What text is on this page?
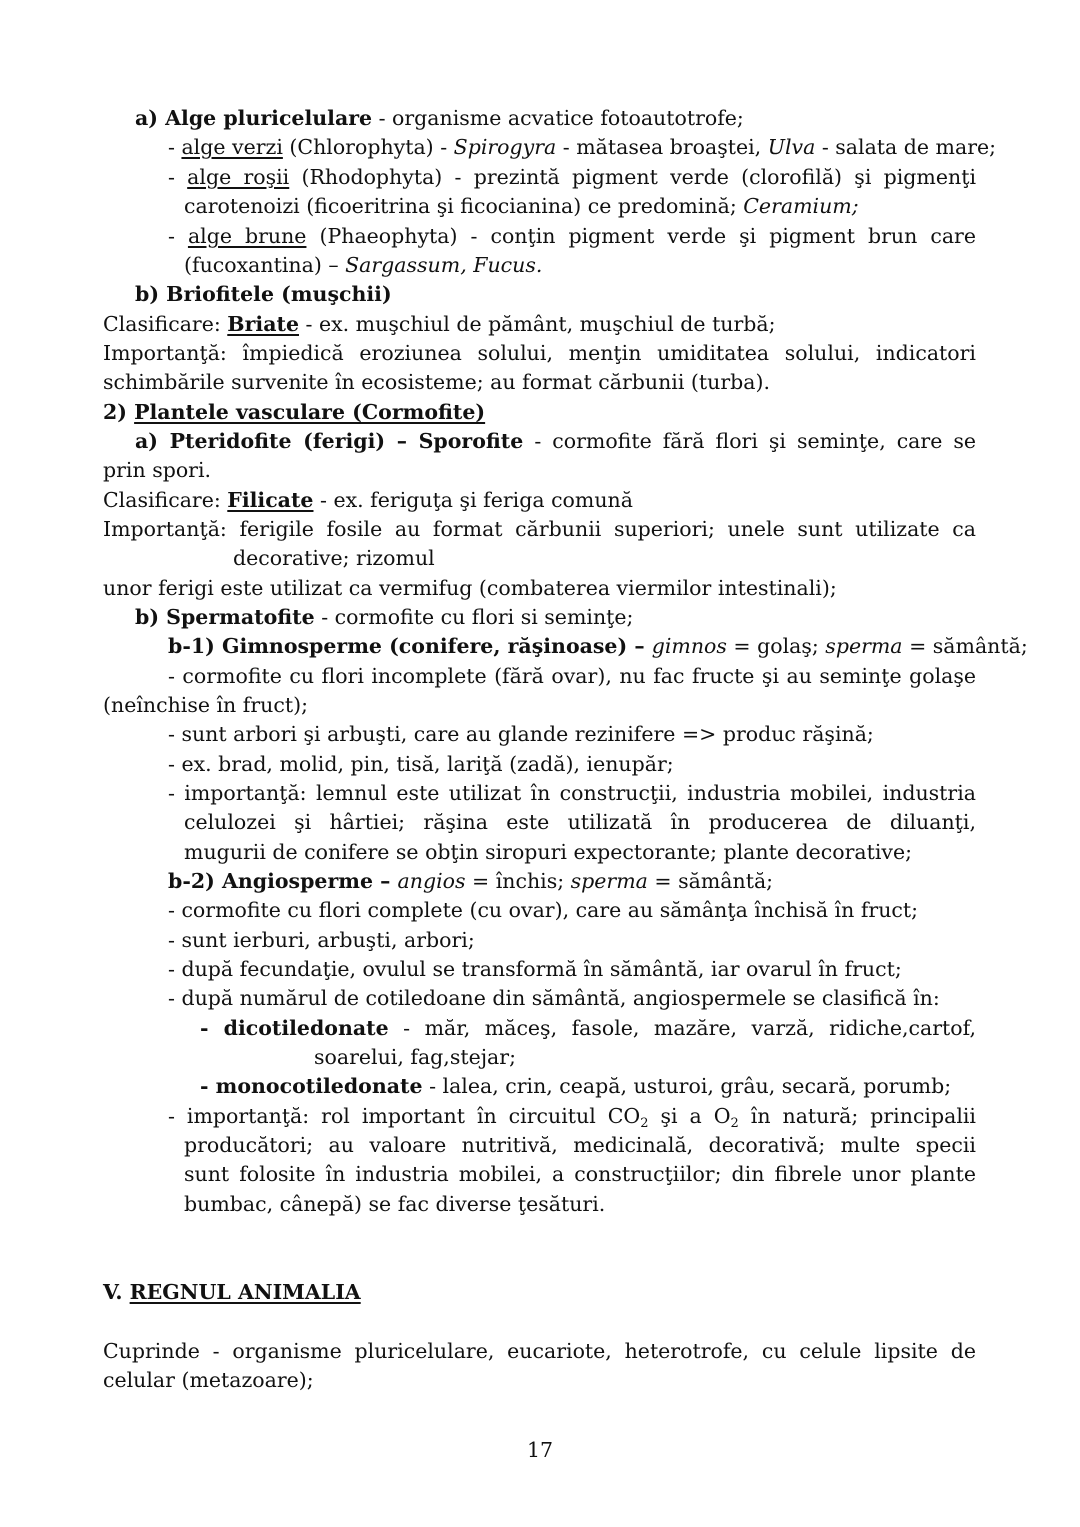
a) Alge pluricelulare - organisme acvatice fotoautotrofe;
- alge verzi (Chlorophyta) - Spirogyra - mătasea broaştei, Ulva - salata de mare;
- alge roşii (Rhodophyta) - prezintă pigment verde (clorofilă) şi pigmenţi
carotenoizi (ficoeritrina şi ficocianina) ce predomină; Ceramium;
- alge brune (Phaeophyta) - conţin pigment verde şi pigment brun care
(fucoxantina) – Sargassum, Fucus.
b) Briofitele (muşchii)
Clasificare: Briate - ex. muşchiul de pământ, muşchiul de turbă;
Importanţă: împiedică eroziunea solului, menţin umiditatea solului, indicatori
schimbările survenite în ecosisteme; au format cărbunii (turba).
2) Plantele vasculare (Cormofite)
a) Pteridofite (ferigi) – Sporofite - cormofite fără flori şi seminţe, care se
prin spori.
Clasificare: Filicate - ex. feriguţa şi feriga comună
Importanţă: ferigile fosile au format cărbunii superiori; unele sunt utilizate ca
decorative; rizomul
unor ferigi este utilizat ca vermifug (combaterea viermilor intestinali);
b) Spermatofite - cormofite cu flori si seminţe;
b-1) Gimnosperme (conifere, răşinoase) – gimnos = golaş; sperma = sământă;
- cormofite cu flori incomplete (fără ovar), nu fac fructe şi au seminţe golaşe
(neînchise în fruct);
- sunt arbori şi arbuşti, care au glande rezinifere => produc răşină;
- ex. brad, molid, pin, tisă, lariţă (zadă), ienupăr;
- importanţă: lemnul este utilizat în construcţii, industria mobilei, industria
celulozei şi hârtiei; răşina este utilizată în producerea de diluanţi,
mugurii de conifere se obţin siropuri expectorante; plante decorative;
b-2) Angiosperme – angios = închis; sperma = sământă;
- cormofite cu flori complete (cu ovar), care au sămânţa închisă în fruct;
- sunt ierburi, arbuşti, arbori;
- după fecundaţie, ovulul se transformă în sământă, iar ovarul în fruct;
- după numărul de cotiledoane din sământă, angiospermele se clasifică în:
- dicotiledonate - măr, măceş, fasole, mazăre, varză, ridiche,cartof,
soarelui, fag,stejar;
- monocotiledonate - lalea, crin, ceapă, usturoi, grâu, secară, porumb;
- importanţă: rol important în circuitul $CO_2$ şi a $O_2$ în natură; principalii
producători; au valoare nutritivă, medicinală, decorativă; multe specii
sunt folosite în industria mobilei, a construcţiilor; din fibrele unor plante
bumbac, cânepă) se fac diverse ţesături.
V. REGNUL ANIMALIA
Cuprinde - organisme pluricelulare, eucariote, heterotrofe, cu celule lipsite de
celular (metazoare);
17
